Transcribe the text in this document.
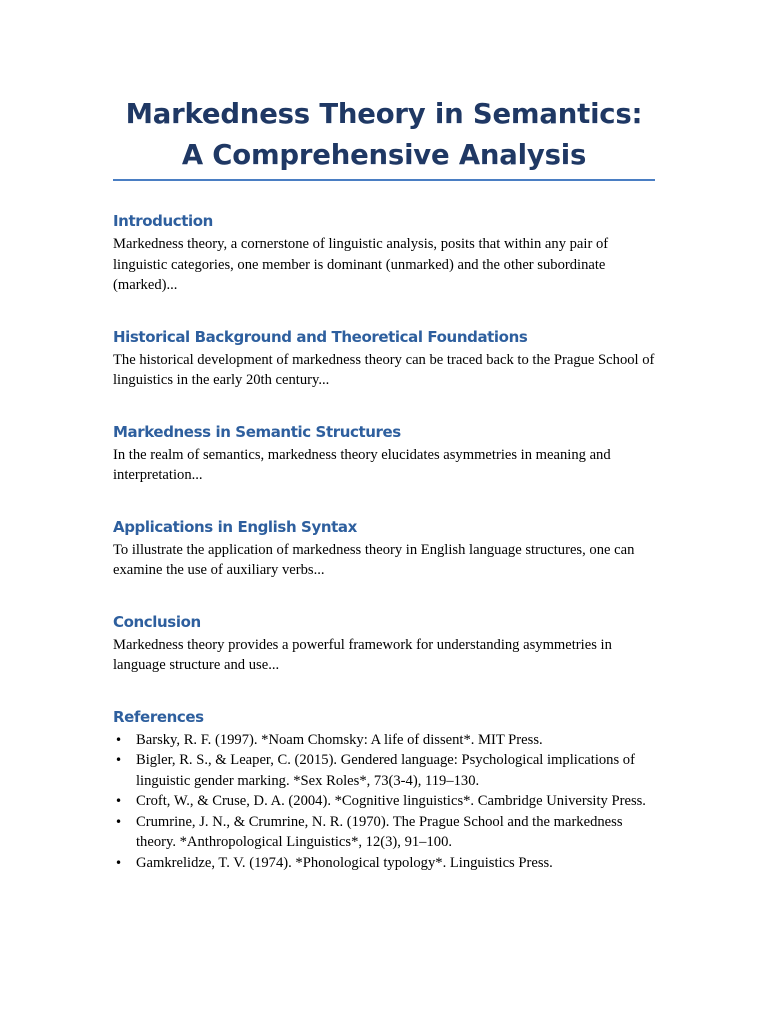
Markedness Theory in Semantics: A Comprehensive Analysis
Introduction

Markedness theory, a cornerstone of linguistic analysis, posits that within any pair of linguistic categories, one member is dominant (unmarked) and the other subordinate (marked)...

Historical Background and Theoretical Foundations

The historical development of markedness theory can be traced back to the Prague School of linguistics in the early 20th century...

Markedness in Semantic Structures

In the realm of semantics, markedness theory elucidates asymmetries in meaning and interpretation...

Applications in English Syntax

To illustrate the application of markedness theory in English language structures, one can examine the use of auxiliary verbs...

Conclusion

Markedness theory provides a powerful framework for understanding asymmetries in language structure and use...

References
• Barsky, R. F. (1997). *Noam Chomsky: A life of dissent*. MIT Press.
• Bigler, R. S., & Leaper, C. (2015). Gendered language: Psychological implications of linguistic gender marking. *Sex Roles*, 73(3-4), 119–130.
• Croft, W., & Cruse, D. A. (2004). *Cognitive linguistics*. Cambridge University Press.
• Crumrine, J. N., & Crumrine, N. R. (1970). The Prague School and the markedness theory. *Anthropological Linguistics*, 12(3), 91–100.
• Gamkrelidze, T. V. (1974). *Phonological typology*. Linguistics Press.
